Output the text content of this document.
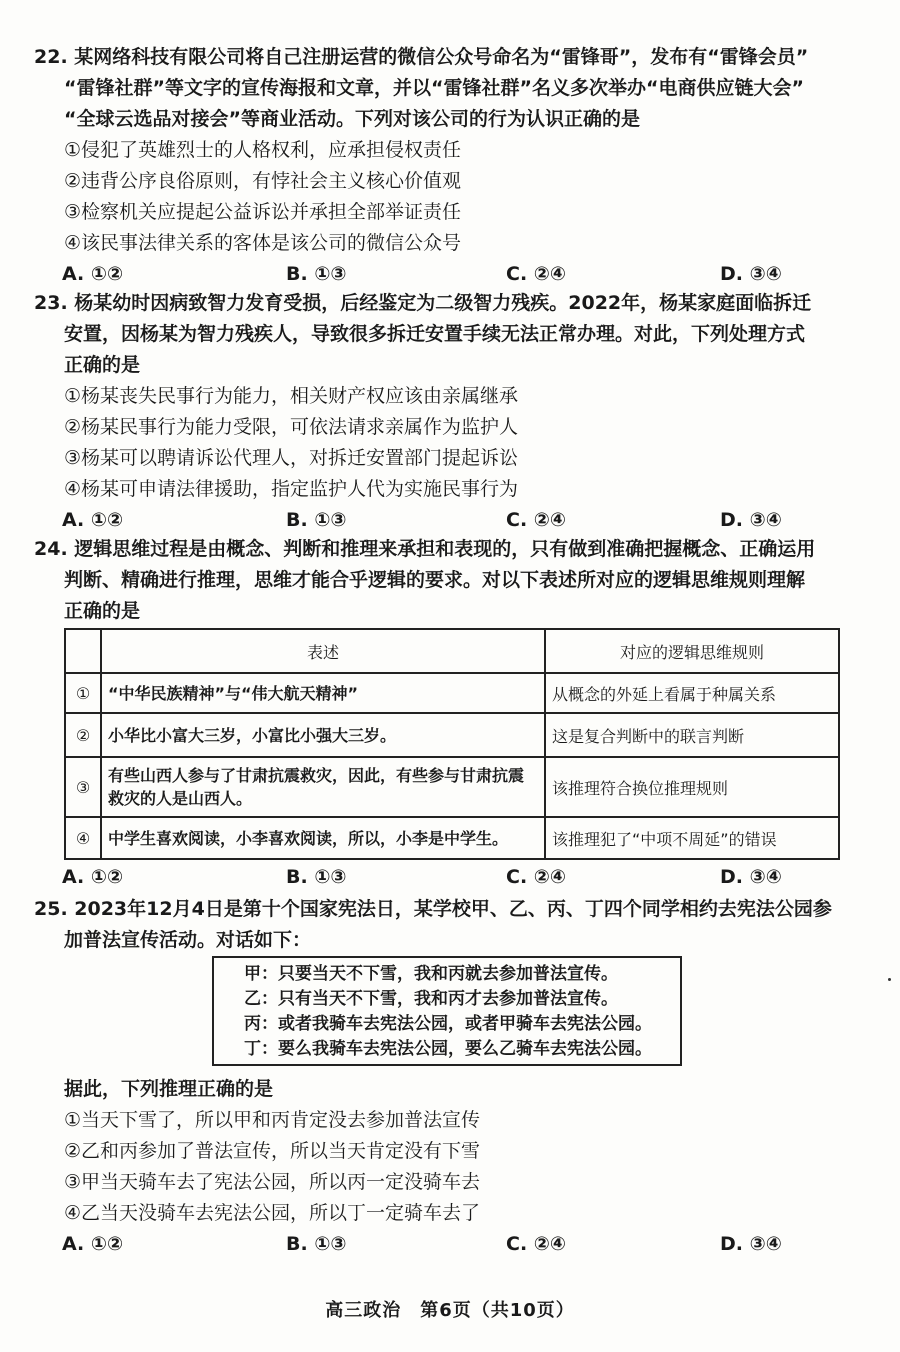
22. 某网络科技有限公司将自己注册运营的微信公众号命名为“雷锋哥”，发布有“雷锋会员”
“雷锋社群”等文字的宣传海报和文章，并以“雷锋社群”名义多次举办“电商供应链大会”
“全球云选品对接会”等商业活动。下列对该公司的行为认识正确的是
①侵犯了英雄烈士的人格权利，应承担侵权责任
②违背公序良俗原则，有悖社会主义核心价值观
③检察机关应提起公益诉讼并承担全部举证责任
④该民事法律关系的客体是该公司的微信公众号
A. ①②	B. ①③	C. ②④	D. ③④
23. 杨某幼时因病致智力发育受损，后经鉴定为二级智力残疾。2022年，杨某家庭面临拆迁
安置，因杨某为智力残疾人，导致很多拆迁安置手续无法正常办理。对此，下列处理方式
正确的是
①杨某丧失民事行为能力，相关财产权应该由亲属继承
②杨某民事行为能力受限，可依法请求亲属作为监护人
③杨某可以聘请诉讼代理人，对拆迁安置部门提起诉讼
④杨某可申请法律援助，指定监护人代为实施民事行为
A. ①②	B. ①③	C. ②④	D. ③④
24. 逻辑思维过程是由概念、判断和推理来承担和表现的，只有做到准确把握概念、正确运用
判断、精确进行推理，思维才能合乎逻辑的要求。对以下表述所对应的逻辑思维规则理解
正确的是
	表述	对应的逻辑思维规则
①	“中华民族精神”与“伟大航天精神”	从概念的外延上看属于种属关系
②	小华比小富大三岁，小富比小强大三岁。	这是复合判断中的联言判断
③	有些山西人参与了甘肃抗震救灾，因此，有些参与甘肃抗震救灾的人是山西人。	该推理符合换位推理规则
④	中学生喜欢阅读，小李喜欢阅读，所以，小李是中学生。	该推理犯了“中项不周延”的错误
A. ①②	B. ①③	C. ②④	D. ③④
25. 2023年12月4日是第十个国家宪法日，某学校甲、乙、丙、丁四个同学相约去宪法公园参
加普法宣传活动。对话如下：
甲：只要当天不下雪，我和丙就去参加普法宣传。
乙：只有当天不下雪，我和丙才去参加普法宣传。
丙：或者我骑车去宪法公园，或者甲骑车去宪法公园。
丁：要么我骑车去宪法公园，要么乙骑车去宪法公园。
据此，下列推理正确的是
①当天下雪了，所以甲和丙肯定没去参加普法宣传
②乙和丙参加了普法宣传，所以当天肯定没有下雪
③甲当天骑车去了宪法公园，所以丙一定没骑车去
④乙当天没骑车去宪法公园，所以丁一定骑车去了
A. ①②	B. ①③	C. ②④	D. ③④
高三政治　第6页（共10页）
